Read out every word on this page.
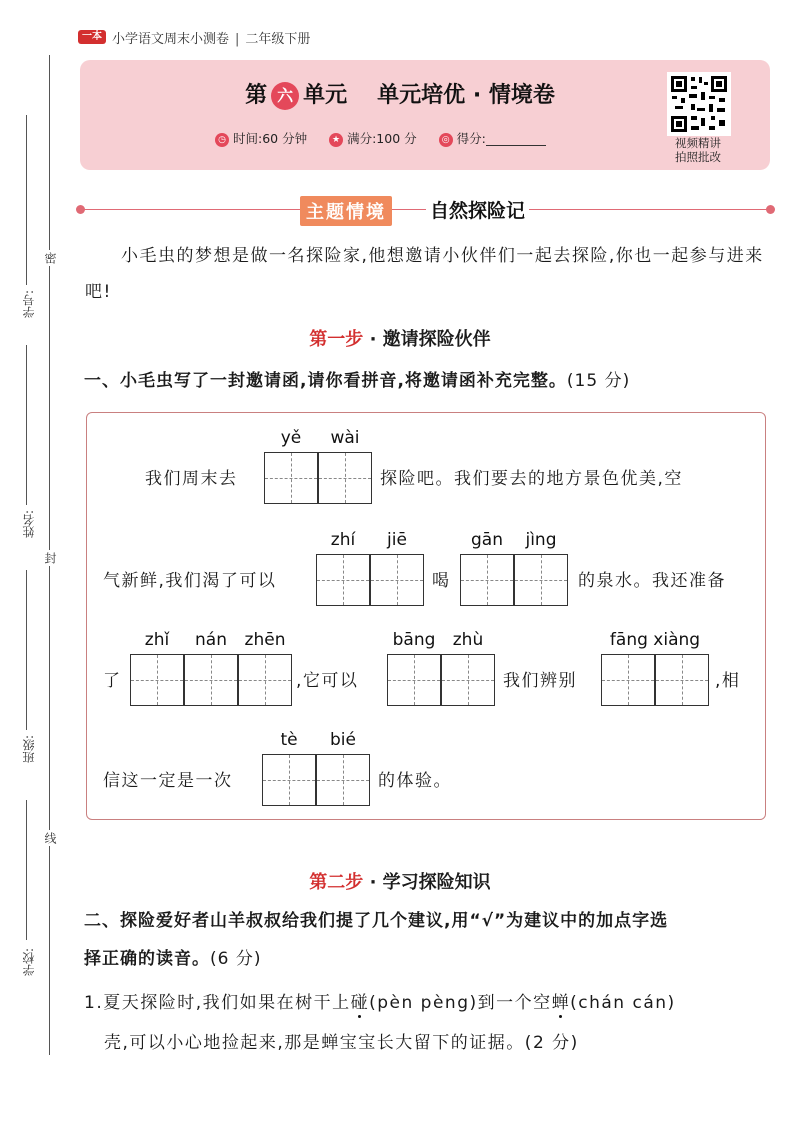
一本 小学语文周末小测卷 | 二年级下册
第 六 单元 单元培优 · 情境卷
◷ 时间:60 分钟	★ 满分:100 分	◎ 得分:	视频精讲
拍照批改
学号:
姓名:
班级:
学校:
密
封
线
主题情境	自然探险记
小毛虫的梦想是做一名探险家,他想邀请小伙伴们一起去探险,你也一起参与进来吧!
第一步 · 邀请探险伙伴
一、小毛虫写了一封邀请函,请你看拼音,将邀请函补充完整。(15 分)
yě	wài
我们周末去	探险吧。我们要去的地方景色优美,空
zhí	jiē	gān	jìng
气新鲜,我们渴了可以	喝	的泉水。我还准备
zhǐ	nán	zhēn	bāng	zhù	fāng xiàng
了	,它可以	我们辨别	,相
tè	bié
信这一定是一次	的体验。
第二步 · 学习探险知识
二、探险爱好者山羊叔叔给我们提了几个建议,用“√”为建议中的加点字选
择正确的读音。(6 分)
1.夏天探险时,我们如果在树干上碰(pèn pèng)到一个空蝉(chán cán)
壳,可以小心地捡起来,那是蝉宝宝长大留下的证据。(2 分)
